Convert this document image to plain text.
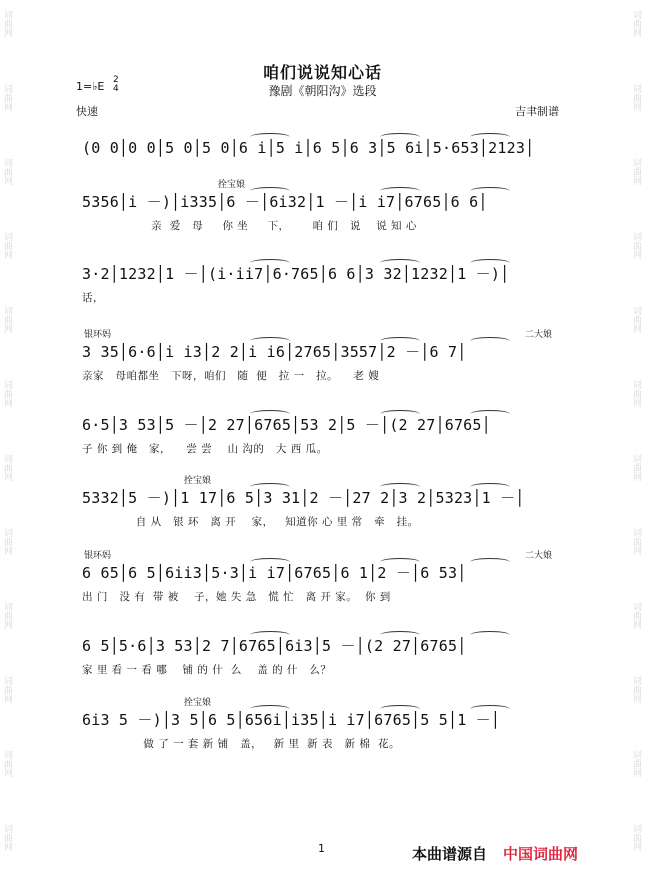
词曲网
词曲网
词曲网
词曲网
词曲网
词曲网
词曲网
词曲网
词曲网
词曲网
词曲网
词曲网
词曲网
词曲网
词曲网
词曲网
词曲网
词曲网
词曲网
词曲网
词曲网
词曲网
词曲网
词曲网
咱们说说知心话
豫剧《朝阳沟》选段
1=♭E 2
4
快速	吉聿制谱
(0 0│0 0│5 0│5 0│6 i│5 i│6 5│6 3│5 6i│5·653│2123│
5356│i －)│i335│6 －│6i32│1 －│i i7│6765│6 6│
亲  爱   母     你 坐     下，      咱 们   说    说 知 心
拴宝娘
3·2│1232│1 －│(i·ii7│6·765│6 6│3 32│1232│1 －)│
话，
3 35│6·6│i i3│2 2│i i6│2765│3557│2 －│6 7│
亲家   母咱都坐   下呀，咱们   随  便   拉 一   拉。    老 嫂
银环妈	二大娘
6·5│3 53│5 －│2 27│6765│53 2│5 －│(2 27│6765│
子 你 到 俺   家，    尝 尝    山 沟的   大 西 瓜。
5332│5 －)│1 17│6 5│3 31│2 －│27 2│3 2│5323│1 －│
自 从   银 环   离 开    家，   知道你 心 里 常   牵   挂。
拴宝娘
6 65│6 5│6ii3│5·3│i i7│6765│6 1│2 －│6 53│
出 门   没 有  带 被    子，她 失 急   慌 忙   离 开 家。  你 到
银环妈	二大娘
6 5│5·6│3 53│2 7│6765│6i3│5 －│(2 27│6765│
家 里 看 一 看 哪    铺 的 什  么    盖 的 什   么？
6i3 5 －)│3 5│6 5│656i│i35│i i7│6765│5 5│1 －│
做 了 一 套 新 铺   盖，   新 里  新 表   新 棉  花。
拴宝娘
1	本曲谱源自 中国词曲网
